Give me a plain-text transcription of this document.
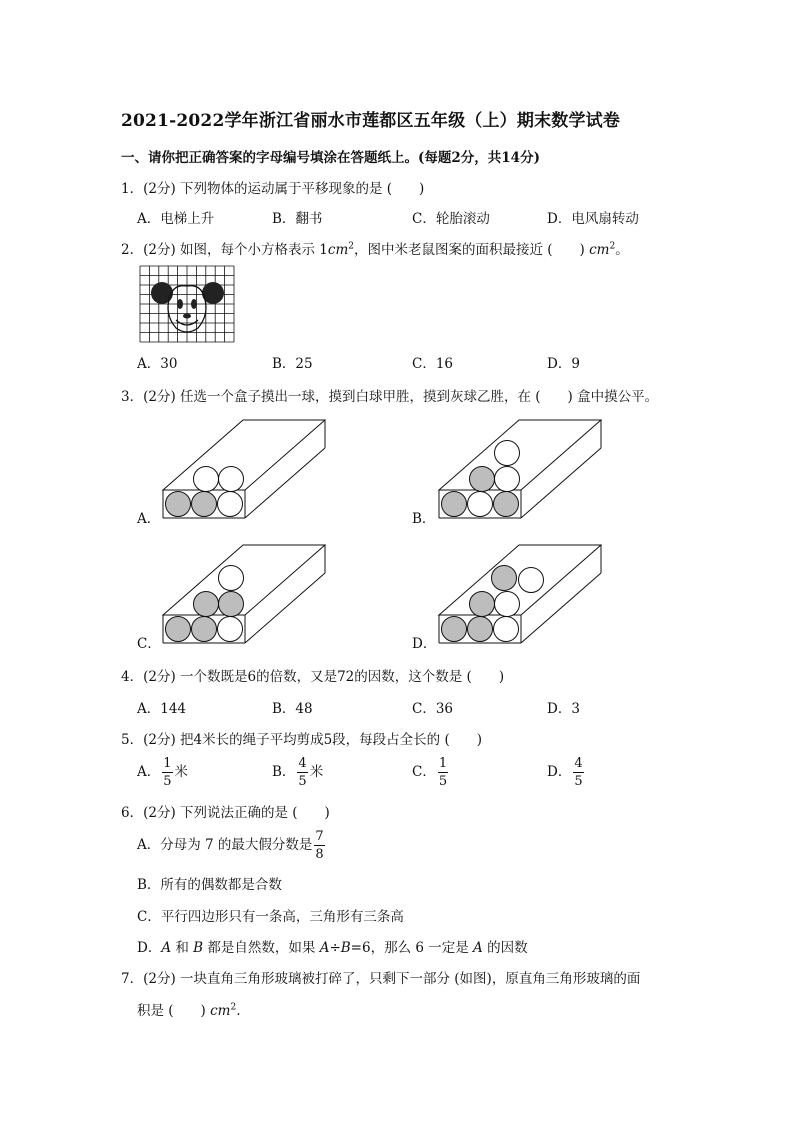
2021-2022学年浙江省丽水市莲都区五年级（上）期末数学试卷
一、请你把正确答案的字母编号填涂在答题纸上。(每题2分，共14分)
1．(2分) 下列物体的运动属于平移现象的是 (　　)
A．电梯上升	B．翻书	C．轮胎滚动	D．电风扇转动
2．(2分) 如图，每个小方格表示 $1cm^2$，图中米老鼠图案的面积最接近 (　　) $cm^2$。
A．30	B．25	C．16	D．9
3．(2分) 任选一个盒子摸出一球，摸到白球甲胜，摸到灰球乙胜，在 (　　) 盒中摸公平。
A．	B．
C．	D．
4．(2分) 一个数既是6的倍数，又是72的因数，这个数是 (　　)
A．144	B．48	C．36	D．3
5．(2分) 把4米长的绳子平均剪成5段，每段占全长的 (　　)
A． $\frac{1}{5}$ 米	B． $\frac{4}{5}$ 米	C． $\frac{1}{5}$	D． $\frac{4}{5}$
6．(2分) 下列说法正确的是 (　　)
A．分母为 7 的最大假分数是 $\frac{7}{8}$
B．所有的偶数都是合数
C．平行四边形只有一条高，三角形有三条高
D．A 和 B 都是自然数，如果 A÷B=6，那么 6 一定是 A 的因数
7．(2分) 一块直角三角形玻璃被打碎了，只剩下一部分 (如图)，原直角三角形玻璃的面
积是 (　　) $cm^2$.
